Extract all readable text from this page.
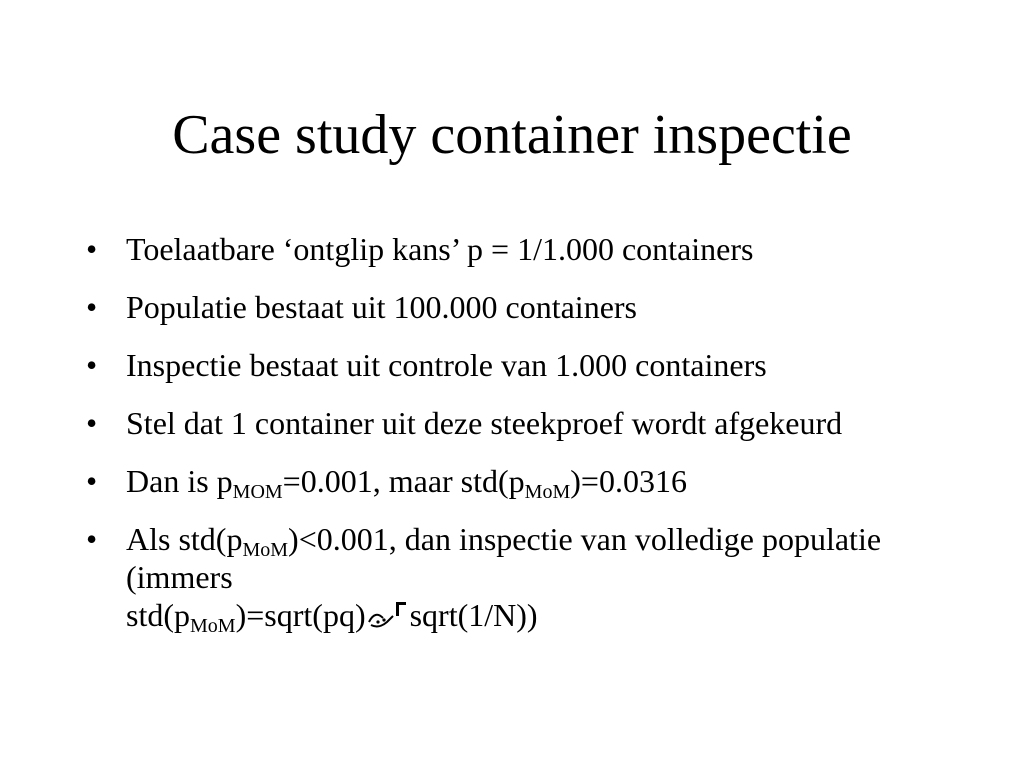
Case study container inspectie
• Toelaatbare ‘ontglip kans’ p = 1/1.000 containers
• Populatie bestaat uit 100.000 containers
• Inspectie bestaat uit controle van 1.000 containers
• Stel dat 1 container uit deze steekproef wordt afgekeurd
• Dan is $p_{MOM}=0.001$, maar $std(p_{MoM})=0.0316$
• Als $std(p_{MoM})<0.001$, dan inspectie van volledige populatie (immers
$std(p_{MoM})=sqrt(pq)$ sqrt(1/N))
